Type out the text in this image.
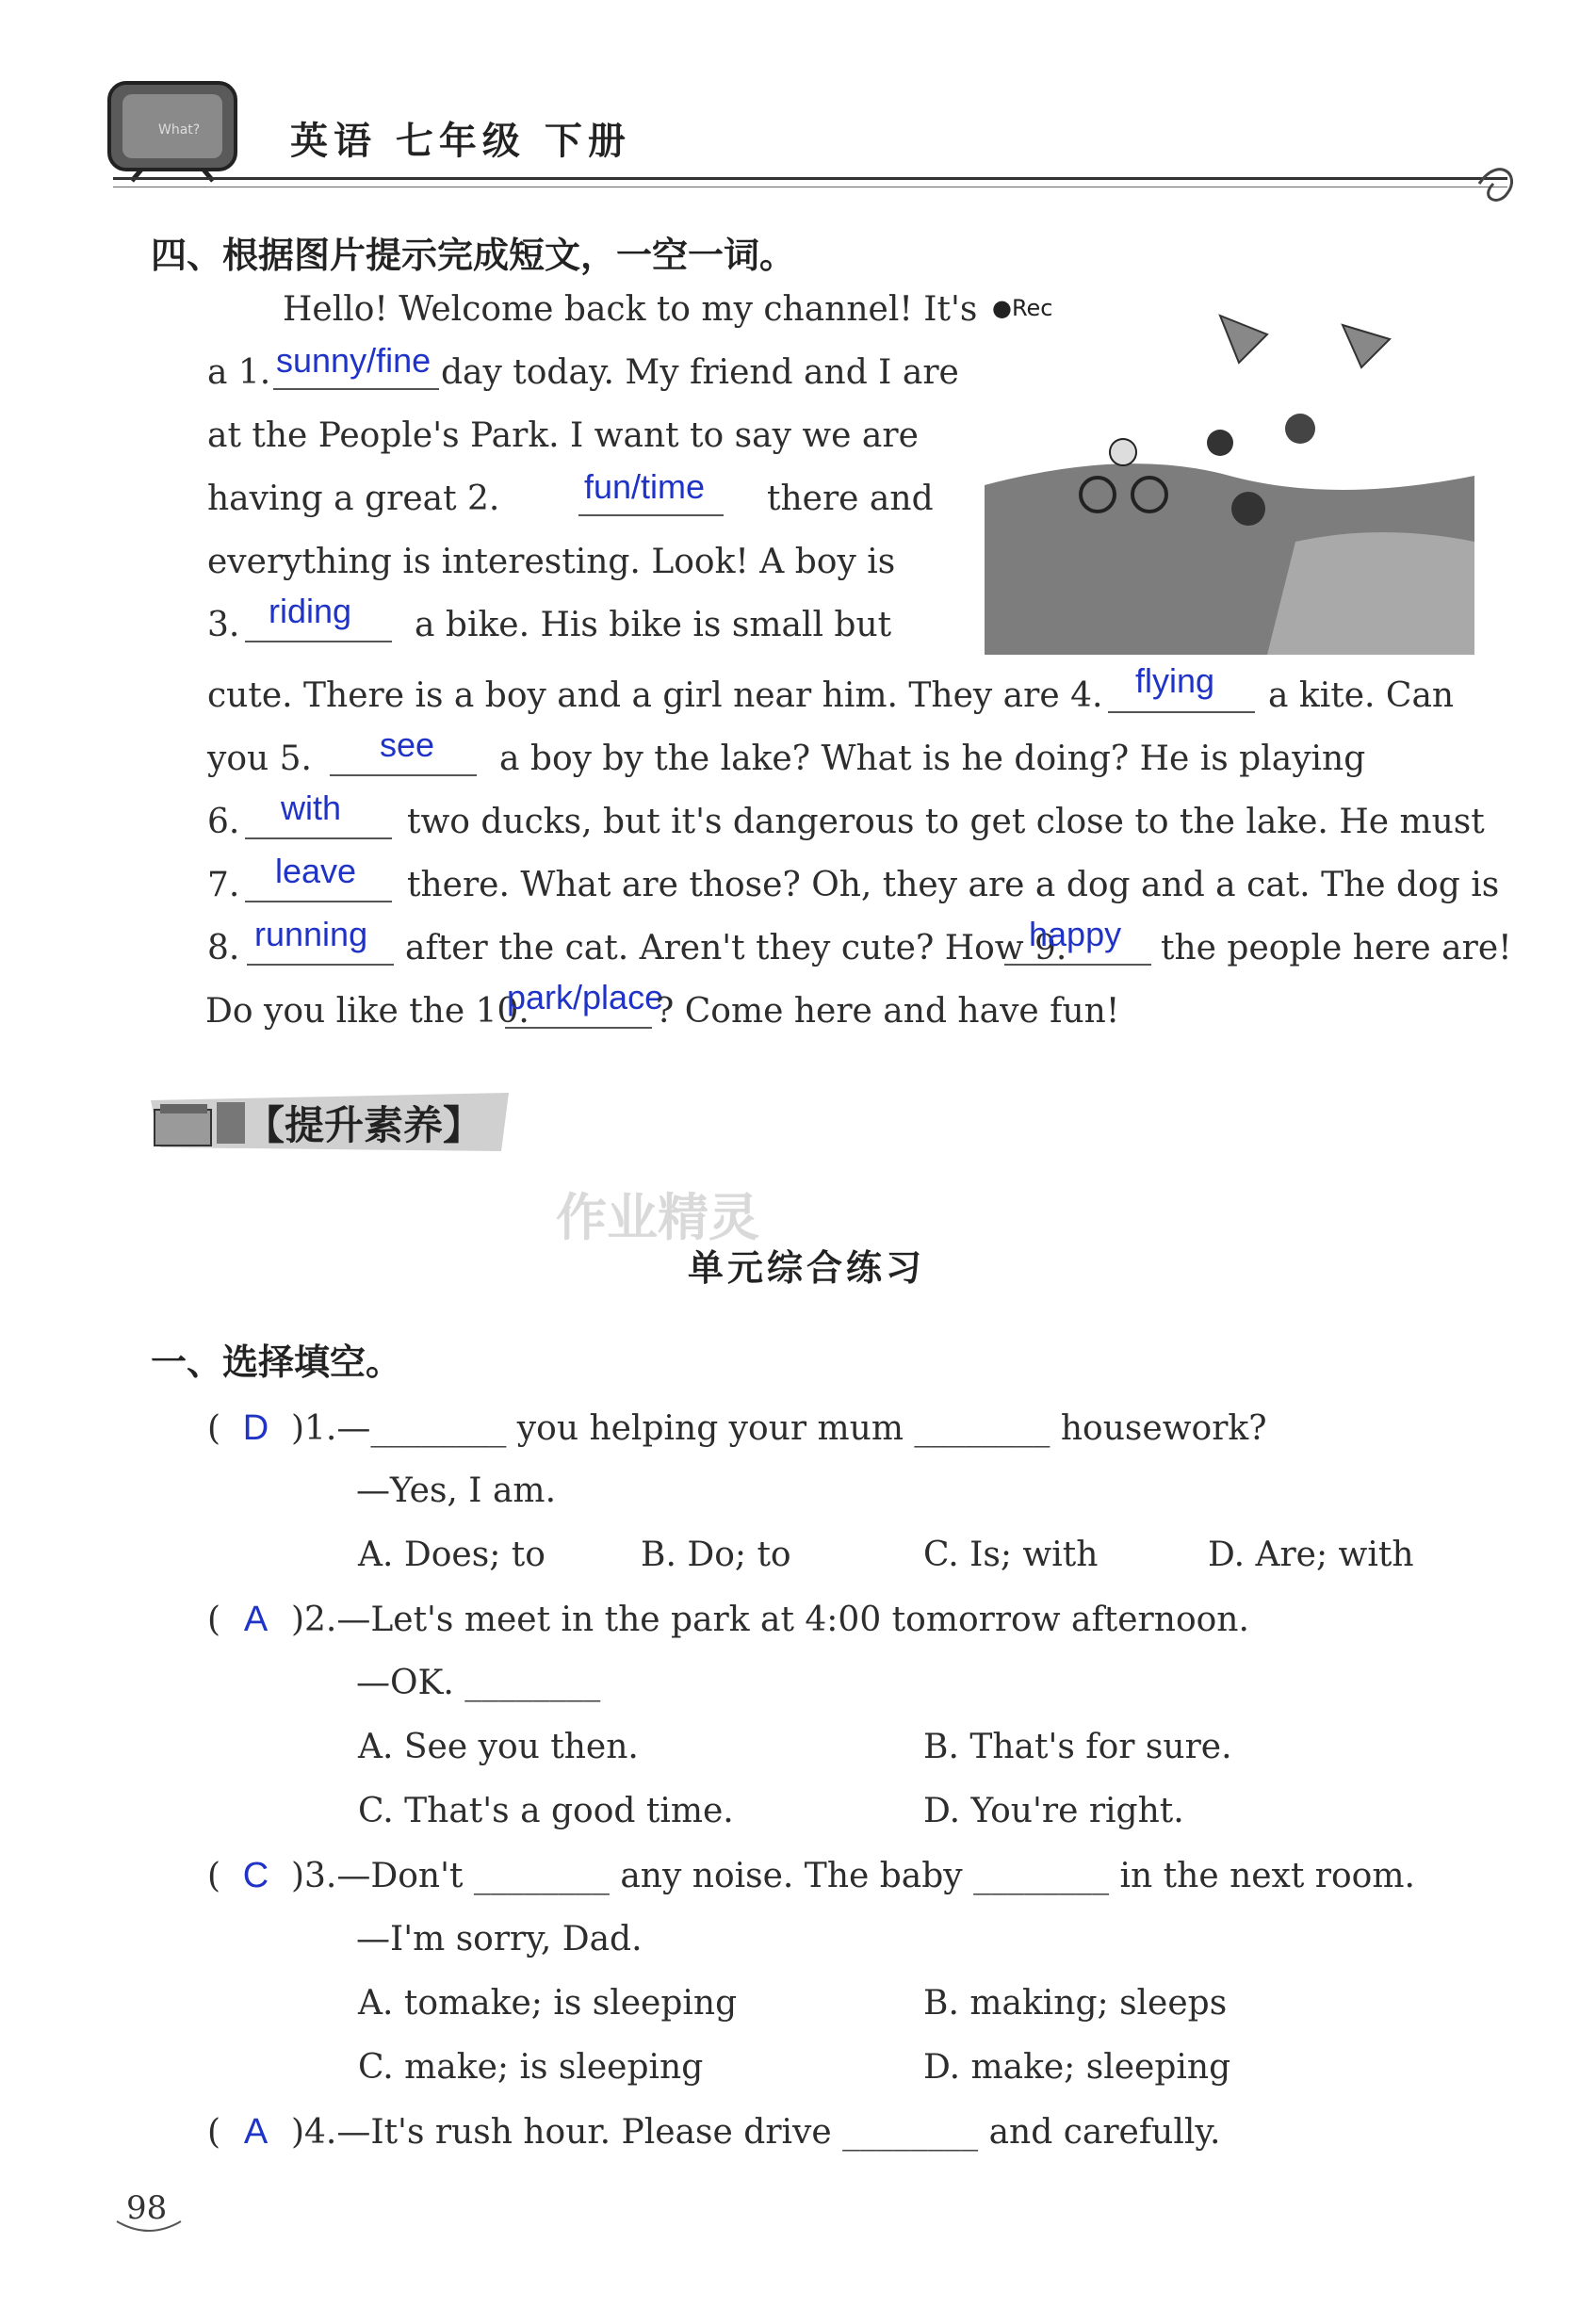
What? 英语 七年级 下册
四、根据图片提示完成短文，一空一词。
●Rec
Hello! Welcome back to my channel! It's
a 1. sunny/fine day today. My friend and I are
at the People's Park. I want to say we are
having a great 2. fun/time there and
everything is interesting. Look! A boy is
3. riding a bike. His bike is small but
cute. There is a boy and a girl near him. They are 4. flying a kite. Can
you 5. see a boy by the lake? What is he doing? He is playing
6. with two ducks, but it's dangerous to get close to the lake. He must
7. leave there. What are those? Oh, they are a dog and a cat. The dog is
8. running after the cat. Aren't they cute? How 9.
happy the people here are!
Do you like the 10.
park/place
? Come here and have fun!
【提升素养】
作业精灵
单元综合练习
一、选择填空。
( D )1.—________ you helping your mum ________ housework?
—Yes, I am.
A. Does; to	B. Do; to	C. Is; with	D. Are; with
( A )2.—Let's meet in the park at 4:00 tomorrow afternoon.
—OK. ________
A. See you then.	B. That's for sure.
C. That's a good time.	D. You're right.
( C )3.—Don't ________ any noise. The baby ________ in the next room.
—I'm sorry, Dad.
A. tomake; is sleeping	B. making; sleeps
C. make; is sleeping	D. make; sleeping
( A )4.—It's rush hour. Please drive ________ and carefully.
98
